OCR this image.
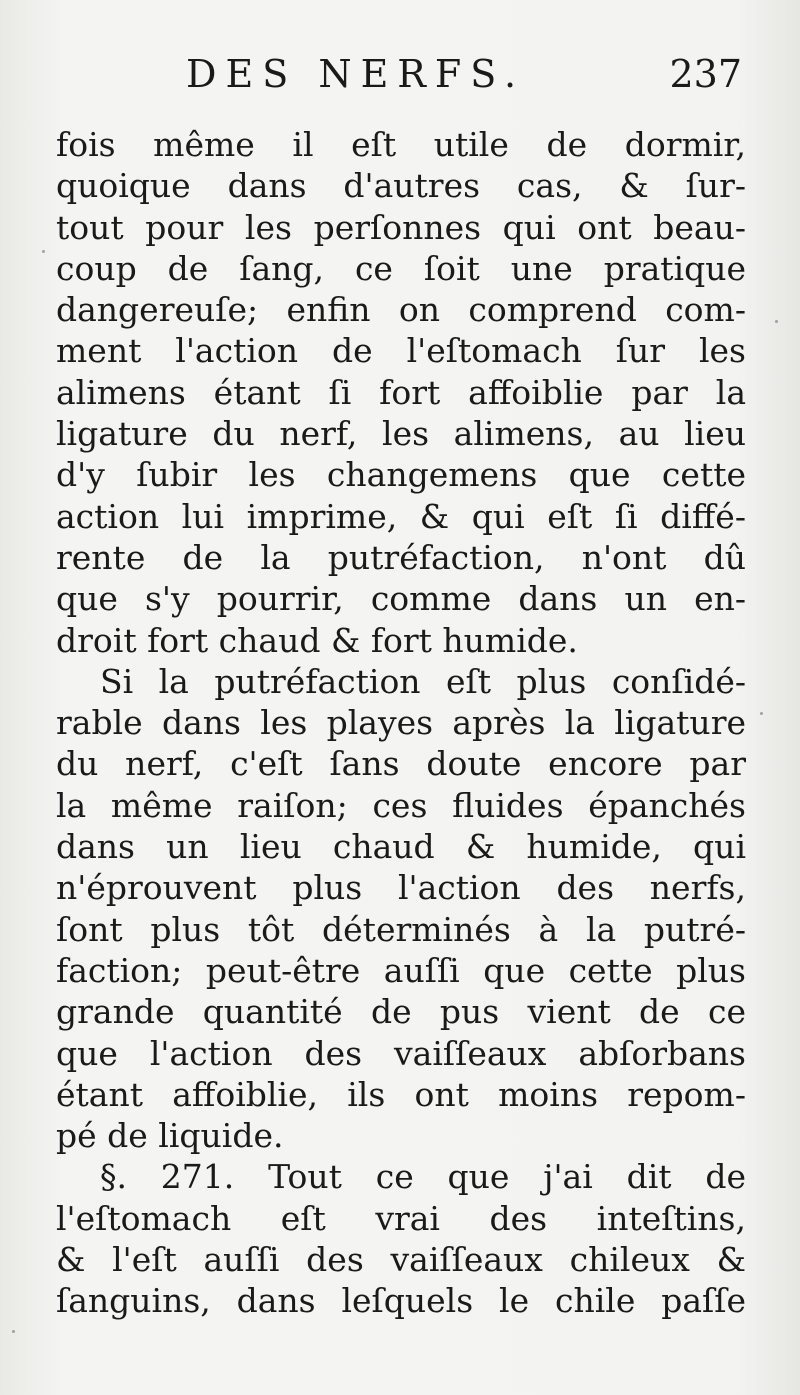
DES NERFS.	237
fois même il eſt utile de dormir,
quoique dans d'autres cas, & ſur-
tout pour les perſonnes qui ont beau-
coup de ſang, ce ſoit une pratique
dangereuſe; enfin on comprend com-
ment l'action de l'eſtomach ſur les
alimens étant ſi fort affoiblie par la
ligature du nerf, les alimens, au lieu
d'y ſubir les changemens que cette
action lui imprime, & qui eſt ſi diffé-
rente de la putréfaction, n'ont dû
que s'y pourrir, comme dans un en-
droit fort chaud & fort humide.
Si la putréfaction eſt plus conſidé-
rable dans les playes après la ligature
du nerf, c'eſt ſans doute encore par
la même raiſon; ces fluides épanchés
dans un lieu chaud & humide, qui
n'éprouvent plus l'action des nerfs,
ſont plus tôt déterminés à la putré-
faction; peut-être auſſi que cette plus
grande quantité de pus vient de ce
que l'action des vaiſſeaux abſorbans
étant affoiblie, ils ont moins repom-
pé de liquide.
§. 271. Tout ce que j'ai dit de
l'eſtomach eſt vrai des inteſtins,
& l'eſt auſſi des vaiſſeaux chileux &
ſanguins, dans leſquels le chile paſſe
